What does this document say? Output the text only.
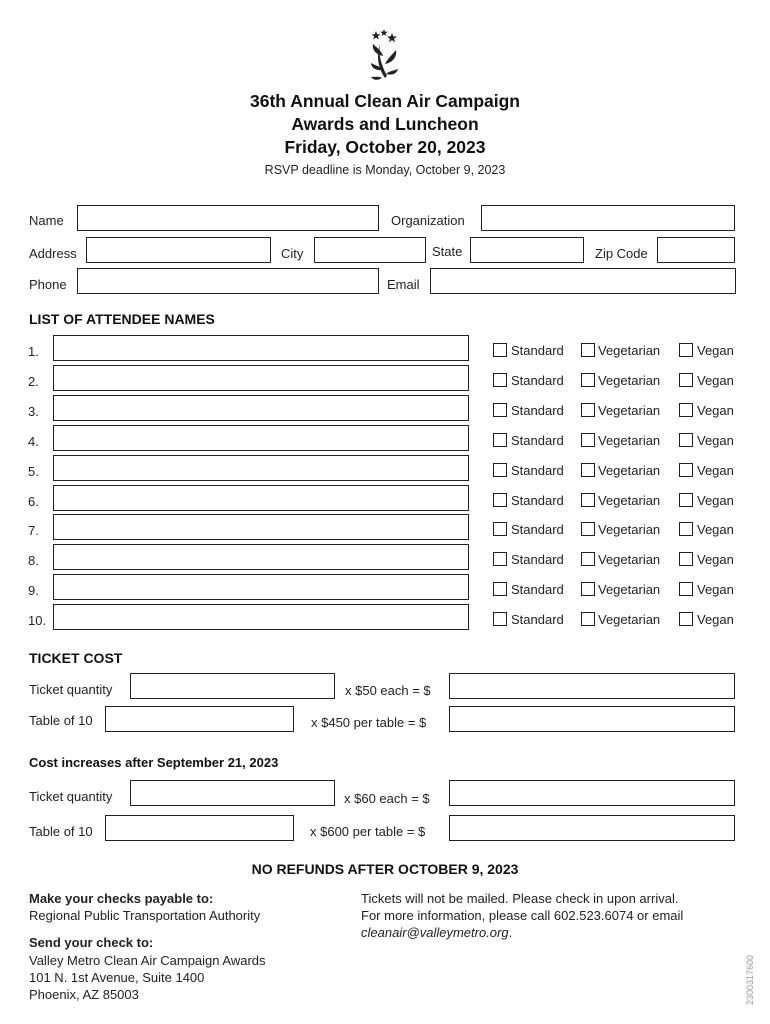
36th Annual Clean Air Campaign
Awards and Luncheon
Friday, October 20, 2023
RSVP deadline is Monday, October 9, 2023
Name	Organization
Address	City	State	Zip Code
Phone	Email
LIST OF ATTENDEE NAMES
1.	Standard	Vegetarian	Vegan
2.	Standard	Vegetarian	Vegan
3.	Standard	Vegetarian	Vegan
4.	Standard	Vegetarian	Vegan
5.	Standard	Vegetarian	Vegan
6.	Standard	Vegetarian	Vegan
7.	Standard	Vegetarian	Vegan
8.	Standard	Vegetarian	Vegan
9.	Standard	Vegetarian	Vegan
10.	Standard	Vegetarian	Vegan
TICKET COST
Ticket quantity	x $50 each = $
Table of 10	x $450 per table = $
Cost increases after September 21, 2023
Ticket quantity	x $60 each = $
Table of 10	x $600 per table = $
NO REFUNDS AFTER OCTOBER 9, 2023
Make your checks payable to:
Regional Public Transportation Authority
Send your check to:
Valley Metro Clean Air Campaign Awards
101 N. 1st Avenue, Suite 1400
Phoenix, AZ 85003
Tickets will not be mailed. Please check in upon arrival.
For more information, please call 602.523.6074 or email
cleanair@valleymetro.org.
2300317600
